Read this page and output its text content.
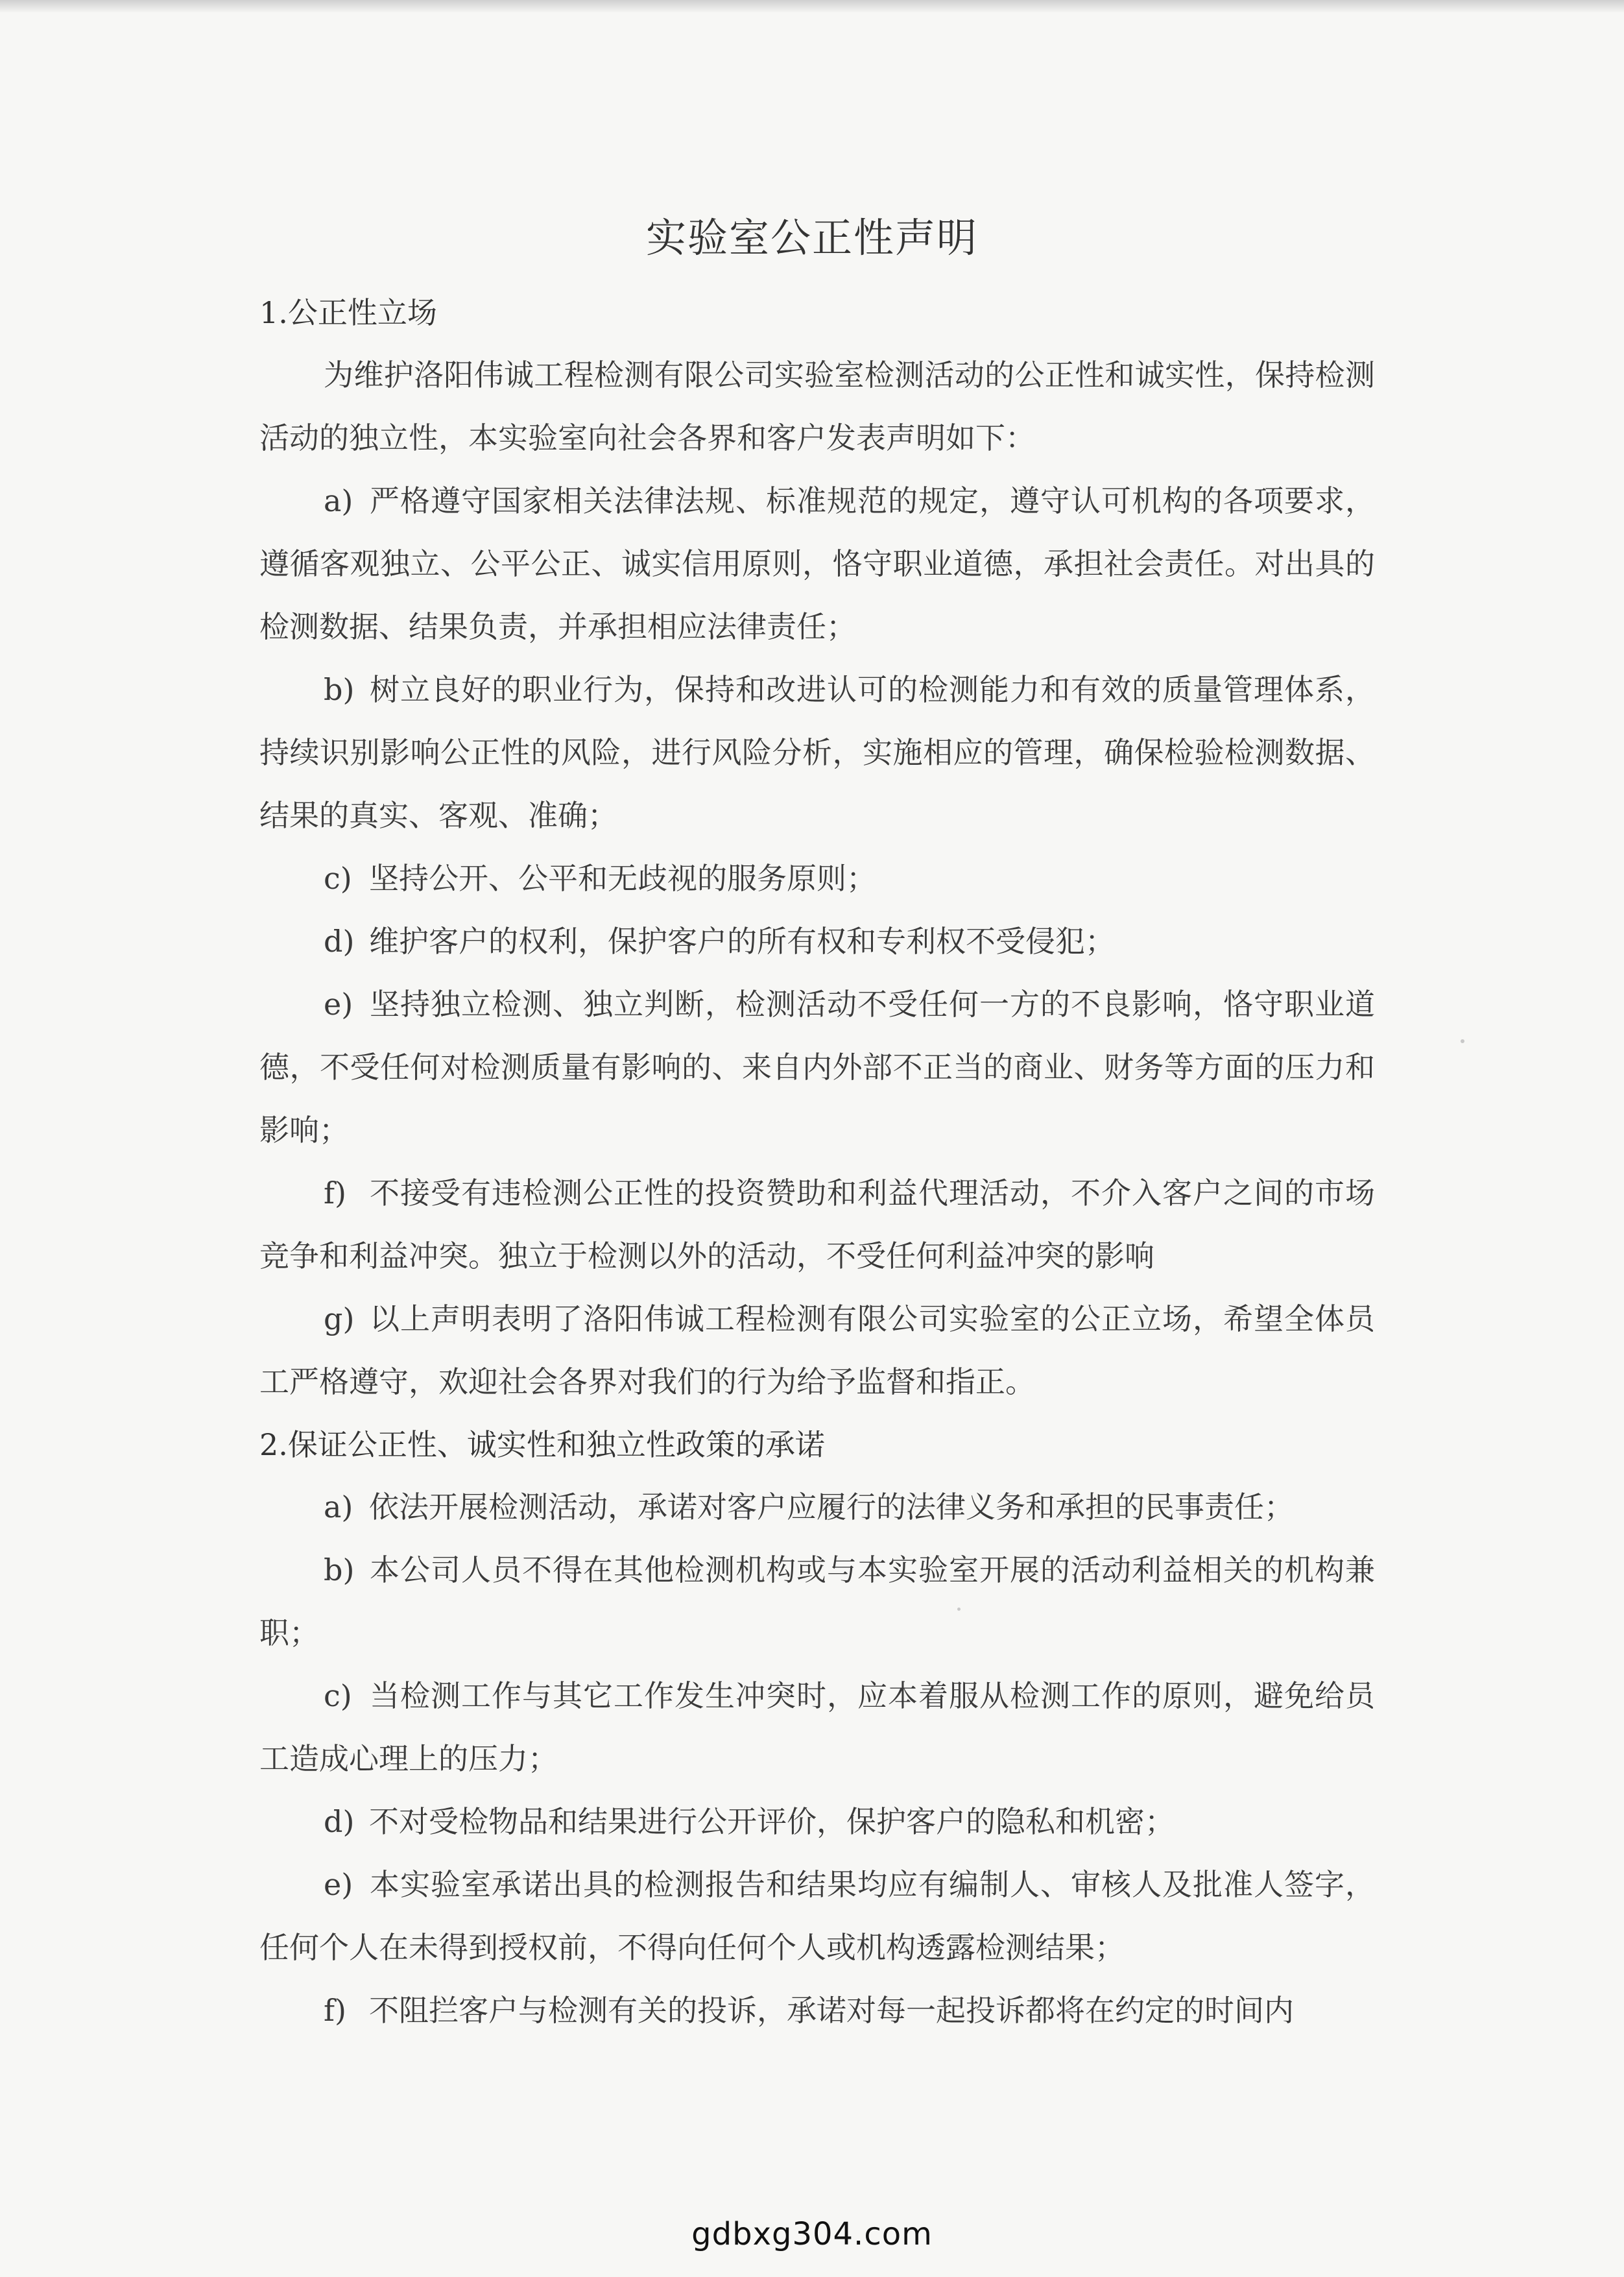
实验室公正性声明
1.公正性立场

为维护洛阳伟诚工程检测有限公司实验室检测活动的公正性和诚实性，保持检测活动的独立性，本实验室向社会各界和客户发表声明如下：

a) 严格遵守国家相关法律法规、标准规范的规定，遵守认可机构的各项要求，遵循客观独立、公平公正、诚实信用原则，恪守职业道德，承担社会责任。对出具的检测数据、结果负责，并承担相应法律责任；

b) 树立良好的职业行为，保持和改进认可的检测能力和有效的质量管理体系，持续识别影响公正性的风险，进行风险分析，实施相应的管理，确保检验检测数据、结果的真实、客观、准确；

c) 坚持公开、公平和无歧视的服务原则；

d) 维护客户的权利，保护客户的所有权和专利权不受侵犯；

e) 坚持独立检测、独立判断，检测活动不受任何一方的不良影响，恪守职业道德，不受任何对检测质量有影响的、来自内外部不正当的商业、财务等方面的压力和影响；

f) 不接受有违检测公正性的投资赞助和利益代理活动，不介入客户之间的市场竞争和利益冲突。独立于检测以外的活动，不受任何利益冲突的影响

g) 以上声明表明了洛阳伟诚工程检测有限公司实验室的公正立场，希望全体员工严格遵守，欢迎社会各界对我们的行为给予监督和指正。

2.保证公正性、诚实性和独立性政策的承诺

a) 依法开展检测活动，承诺对客户应履行的法律义务和承担的民事责任；

b) 本公司人员不得在其他检测机构或与本实验室开展的活动利益相关的机构兼职；

c) 当检测工作与其它工作发生冲突时，应本着服从检测工作的原则，避免给员工造成心理上的压力；

d) 不对受检物品和结果进行公开评价，保护客户的隐私和机密；

e) 本实验室承诺出具的检测报告和结果均应有编制人、审核人及批准人签字，任何个人在未得到授权前，不得向任何个人或机构透露检测结果；

f) 不阻拦客户与检测有关的投诉，承诺对每一起投诉都将在约定的时间内

gdbxg304.com
